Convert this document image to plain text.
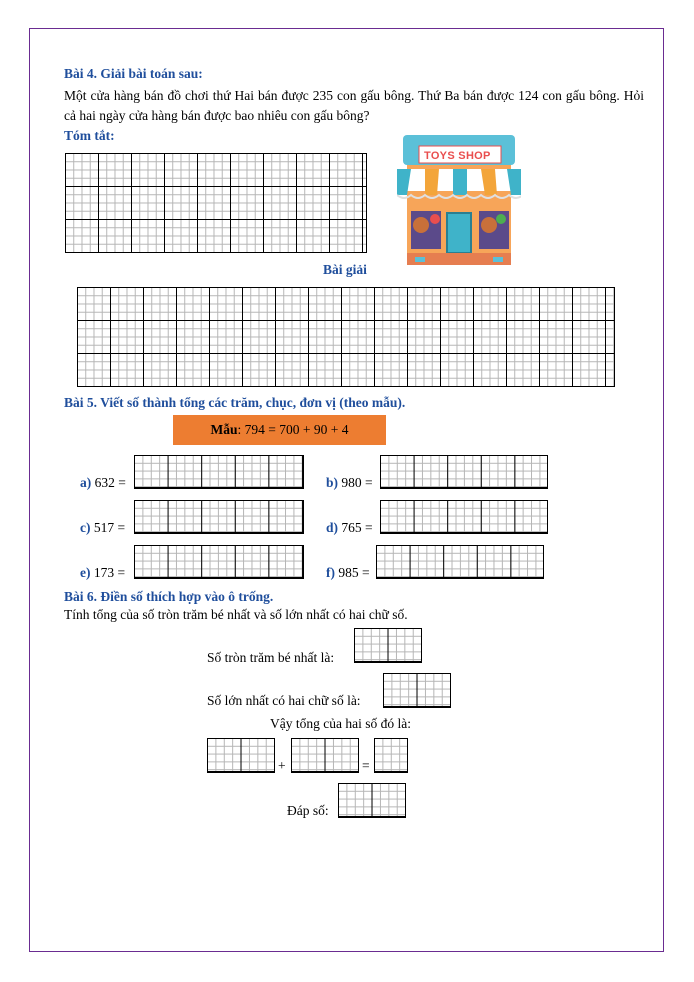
Bài 4. Giải bài toán sau:
Một cửa hàng bán đồ chơi thứ Hai bán được 235 con gấu bông. Thứ Ba bán được 124 con gấu bông. Hỏi cả hai ngày cửa hàng bán được bao nhiêu con gấu bông?
Tóm tắt:
TOYS SHOP
Bài giải
Bài 5. Viết số thành tổng các trăm, chục, đơn vị (theo mẫu).
Mẫu : 794 = 700 + 90 + 4
a) 632 =	b) 980 =
c) 517 =	d) 765 =
e) 173 =	f) 985 =
Bài 6. Điền số thích hợp vào ô trống.
Tính tổng của số tròn trăm bé nhất và số lớn nhất có hai chữ số.
Số tròn trăm bé nhất là:
Số lớn nhất có hai chữ số là:
Vậy tổng của hai số đó là:
+	=
Đáp số:
